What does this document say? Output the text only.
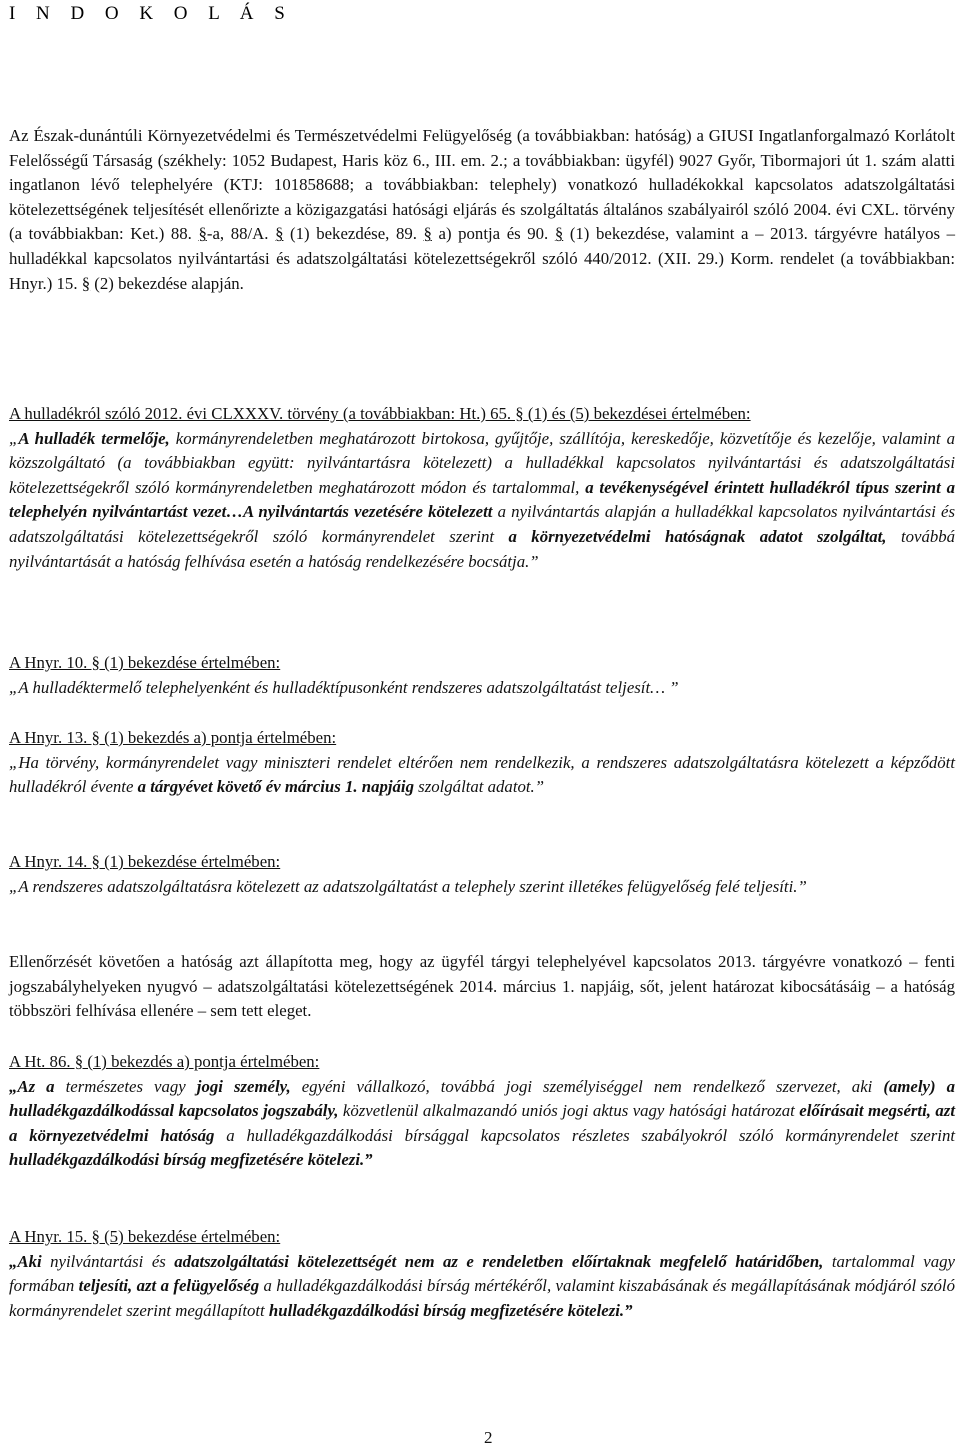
I N D O K O L Á S

Az Észak-dunántúli Környezetvédelmi és Természetvédelmi Felügyelőség (a továbbiakban: hatóság) a GIUSI Ingatlanforgalmazó Korlátolt Felelősségű Társaság (székhely: 1052 Budapest, Haris köz 6., III. em. 2.; a továbbiakban: ügyfél) 9027 Győr, Tibormajori út 1. szám alatti ingatlanon lévő telephelyére (KTJ: 101858688; a továbbiakban: telephely) vonatkozó hulladékokkal kapcsolatos adatszolgáltatási kötelezettségének teljesítését ellenőrizte a közigazgatási hatósági eljárás és szolgáltatás általános szabályairól szóló 2004. évi CXL. törvény (a továbbiakban: Ket.) 88. §-a, 88/A. § (1) bekezdése, 89. § a) pontja és 90. § (1) bekezdése, valamint a – 2013. tárgyévre hatályos – hulladékkal kapcsolatos nyilvántartási és adatszolgáltatási kötelezettségekről szóló 440/2012. (XII. 29.) Korm. rendelet (a továbbiakban: Hnyr.) 15. § (2) bekezdése alapján.

A hulladékról szóló 2012. évi CLXXXV. törvény (a továbbiakban: Ht.) 65. § (1) és (5) bekezdései értelmében:
„A hulladék termelője, kormányrendeletben meghatározott birtokosa, gyűjtője, szállítója, kereskedője, közvetítője és kezelője, valamint a közszolgáltató (a továbbiakban együtt: nyilvántartásra kötelezett) a hulladékkal kapcsolatos nyilvántartási és adatszolgáltatási kötelezettségekről szóló kormányrendeletben meghatározott módon és tartalommal, a tevékenységével érintett hulladékról típus szerint a telephelyén nyilvántartást vezet…A nyilvántartás vezetésére kötelezett a nyilvántartás alapján a hulladékkal kapcsolatos nyilvántartási és adatszolgáltatási kötelezettségekről szóló kormányrendelet szerint a környezetvédelmi hatóságnak adatot szolgáltat, továbbá nyilvántartását a hatóság felhívása esetén a hatóság rendelkezésére bocsátja.”

A Hnyr. 10. § (1) bekezdése értelmében:
„A hulladéktermelő telephelyenként és hulladéktípusonként rendszeres adatszolgáltatást teljesít… ”

A Hnyr. 13. § (1) bekezdés a) pontja értelmében:
„Ha törvény, kormányrendelet vagy miniszteri rendelet eltérően nem rendelkezik, a rendszeres adatszolgáltatásra kötelezett a képződött hulladékról évente a tárgyévet követő év március 1. napjáig szolgáltat adatot.”

A Hnyr. 14. § (1) bekezdése értelmében:
„A rendszeres adatszolgáltatásra kötelezett az adatszolgáltatást a telephely szerint illetékes felügyelőség felé teljesíti.”

Ellenőrzését követően a hatóság azt állapította meg, hogy az ügyfél tárgyi telephelyével kapcsolatos 2013. tárgyévre vonatkozó – fenti jogszabályhelyeken nyugvó – adatszolgáltatási kötelezettségének 2014. március 1. napjáig, sőt, jelent határozat kibocsátásáig – a hatóság többszöri felhívása ellenére – sem tett eleget.

A Ht. 86. § (1) bekezdés a) pontja értelmében:
„Az a természetes vagy jogi személy, egyéni vállalkozó, továbbá jogi személyiséggel nem rendelkező szervezet, aki (amely) a hulladékgazdálkodással kapcsolatos jogszabály, közvetlenül alkalmazandó uniós jogi aktus vagy hatósági határozat előírásait megsérti, azt a környezetvédelmi hatóság a hulladékgazdálkodási bírsággal kapcsolatos részletes szabályokról szóló kormányrendelet szerint hulladékgazdálkodási bírság megfizetésére kötelezi.”

A Hnyr. 15. § (5) bekezdése értelmében:
„Aki nyilvántartási és adatszolgáltatási kötelezettségét nem az e rendeletben előírtaknak megfelelő határidőben, tartalommal vagy formában teljesíti, azt a felügyelőség a hulladékgazdálkodási bírság mértékéről, valamint kiszabásának és megállapításának módjáról szóló kormányrendelet szerint megállapított hulladékgazdálkodási bírság megfizetésére kötelezi.”

2
